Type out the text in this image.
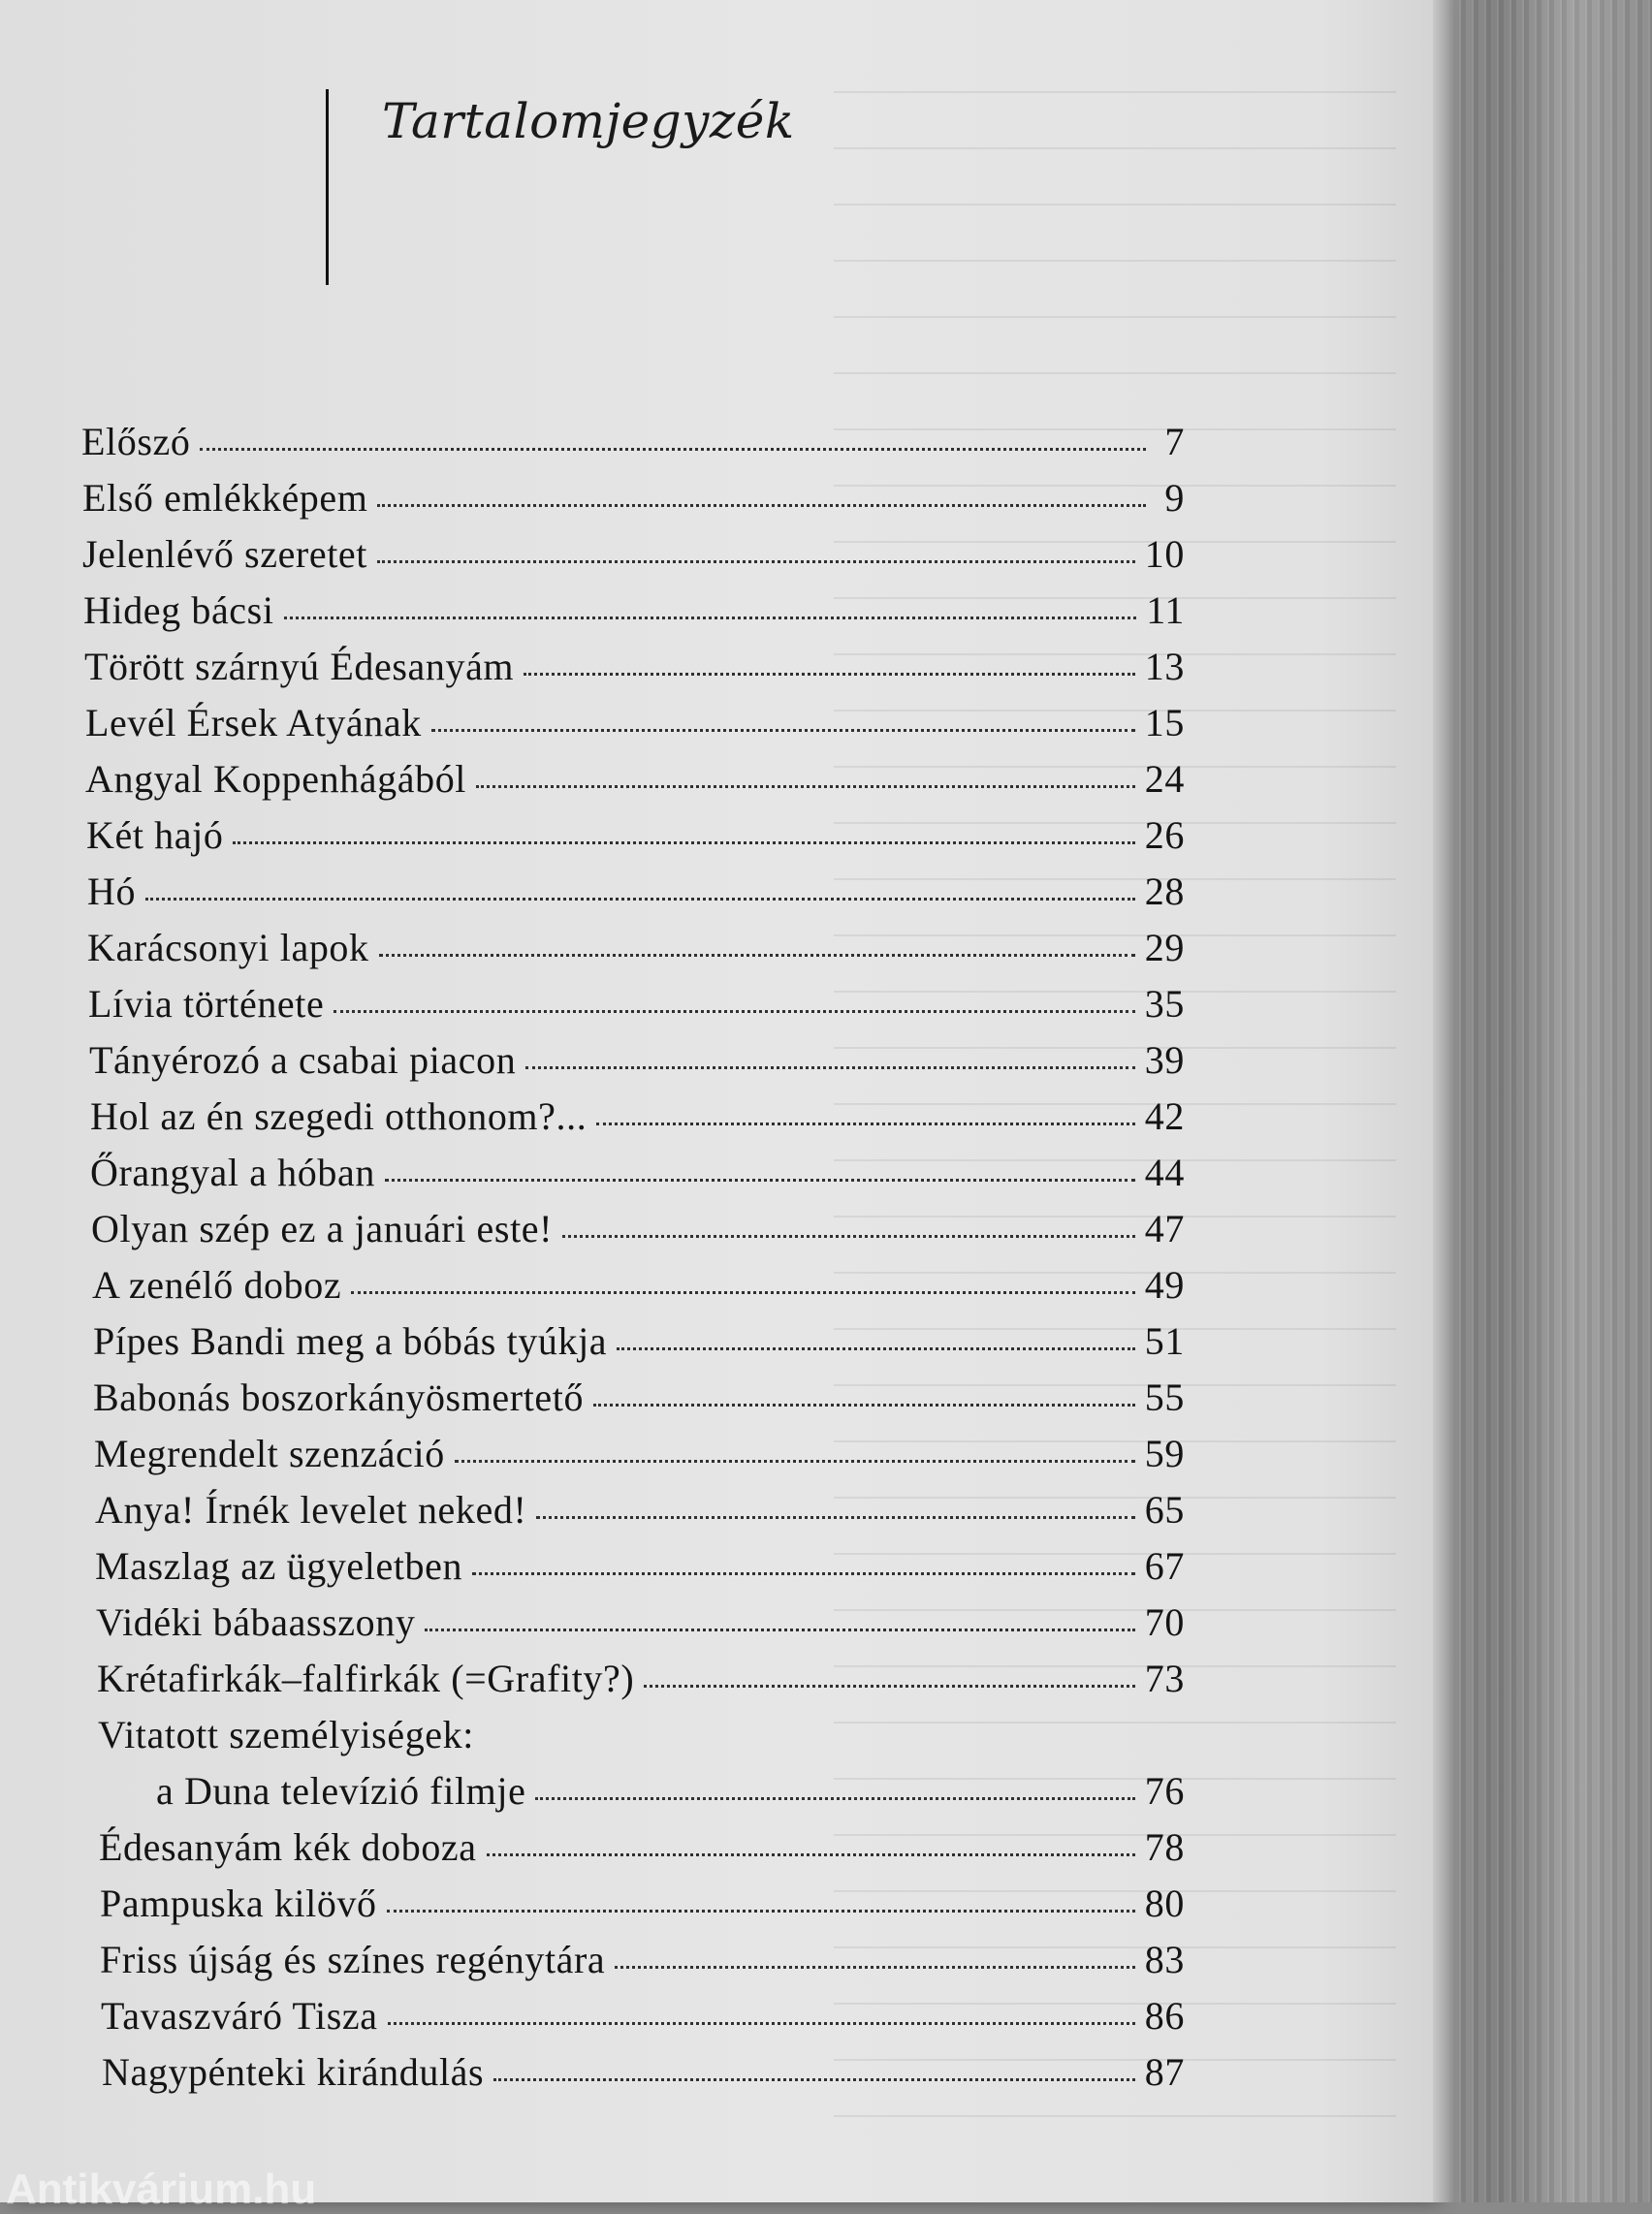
Tartalomjegyzék
Előszó	7
Első emlékképem	9
Jelenlévő szeretet	10
Hideg bácsi	11
Törött szárnyú Édesanyám	13
Levél Érsek Atyának	15
Angyal Koppenhágából	24
Két hajó	26
Hó	28
Karácsonyi lapok	29
Lívia története	35
Tányérozó a csabai piacon	39
Hol az én szegedi otthonom?...	42
Őrangyal a hóban	44
Olyan szép ez a januári este!	47
A zenélő doboz	49
Pípes Bandi meg a bóbás tyúkja	51
Babonás boszorkányösmertető	55
Megrendelt szenzáció	59
Anya! Írnék levelet neked!	65
Maszlag az ügyeletben	67
Vidéki bábaasszony	70
Krétafirkák–falfirkák (=Grafity?)	73
Vitatott személyiségek:
a Duna televízió filmje	76
Édesanyám kék doboza	78
Pampuska kilövő	80
Friss újság és színes regénytára	83
Tavaszváró Tisza	86
Nagypénteki kirándulás	87
Antikvárium.hu
